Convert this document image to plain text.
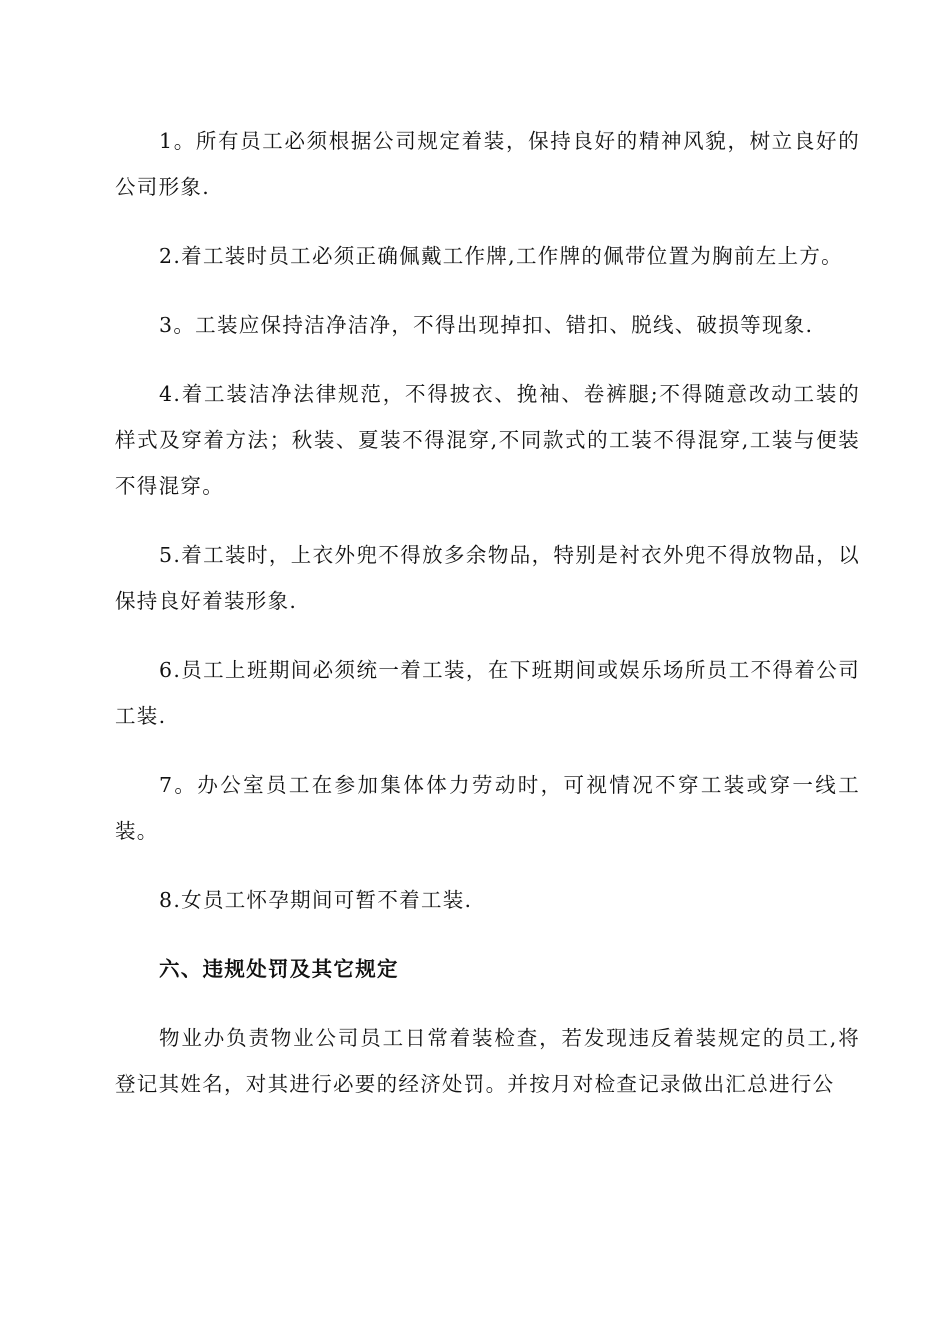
1。所有员工必须根据公司规定着装，保持良好的精神风貌，树立良好的公司形象.

2.着工装时员工必须正确佩戴工作牌,工作牌的佩带位置为胸前左上方。

3。工装应保持洁净洁净，不得出现掉扣、错扣、脱线、破损等现象.

4.着工装洁净法律规范，不得披衣、挽袖、卷裤腿;不得随意改动工装的样式及穿着方法；秋装、夏装不得混穿,不同款式的工装不得混穿,工装与便装不得混穿。

5.着工装时，上衣外兜不得放多余物品，特别是衬衣外兜不得放物品，以保持良好着装形象.

6.员工上班期间必须统一着工装，在下班期间或娱乐场所员工不得着公司工装.

7。办公室员工在参加集体体力劳动时，可视情况不穿工装或穿一线工装。

8.女员工怀孕期间可暂不着工装.

六、违规处罚及其它规定

物业办负责物业公司员工日常着装检查，若发现违反着装规定的员工,将登记其姓名，对其进行必要的经济处罚。并按月对检查记录做出汇总进行公
